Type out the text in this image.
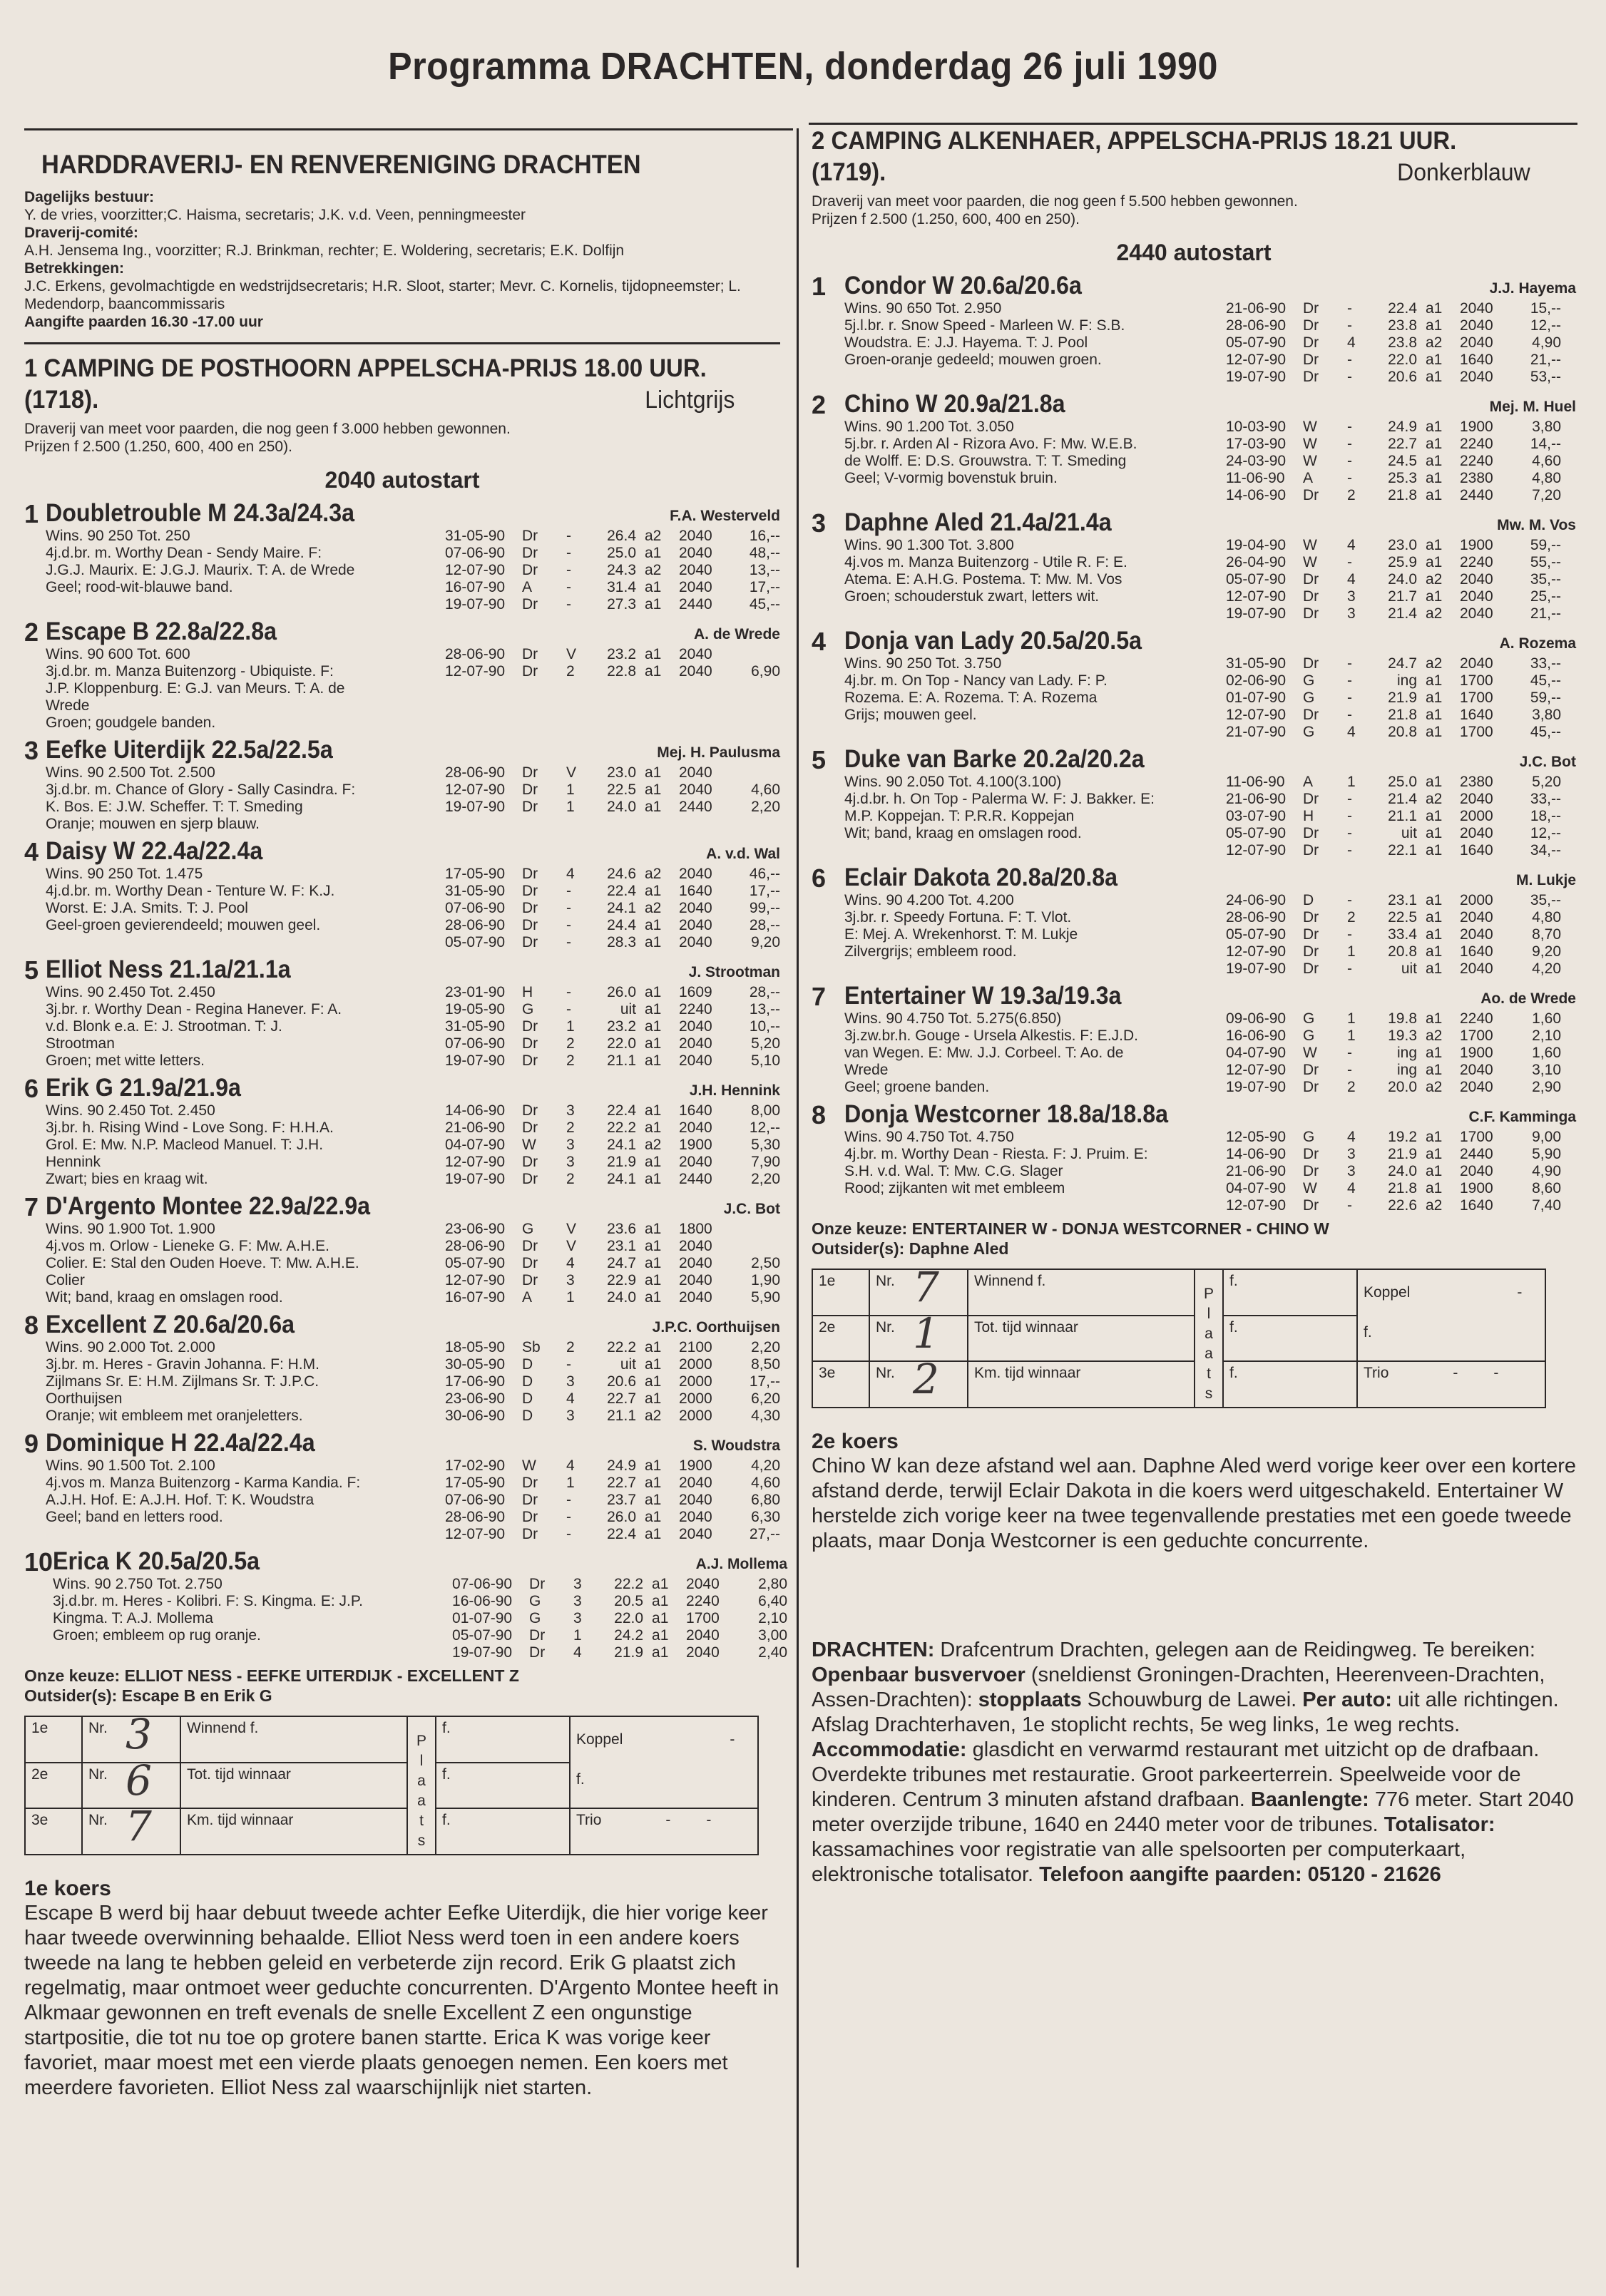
Programma DRACHTEN, donderdag 26 juli 1990
HARDDRAVERIJ- EN RENVERENIGING DRACHTEN
Dagelijks bestuur:
Y. de vries, voorzitter;C. Haisma, secretaris; J.K. v.d. Veen, penningmeester
Draverij-comité:
A.H. Jensema Ing., voorzitter; R.J. Brinkman, rechter; E. Woldering, secretaris; E.K. Dolfijn
Betrekkingen:
J.C. Erkens, gevolmachtigde en wedstrijdsecretaris; H.R. Sloot, starter; Mevr. C. Kornelis, tijdopneemster; L. Medendorp, baancommissaris
Aangifte paarden 16.30 -17.00 uur
1 CAMPING DE POSTHOORN APPELSCHA-PRIJS 18.00 UUR. (1718).	Lichtgrijs
Draverij van meet voor paarden, die nog geen f 3.000 hebben gewonnen.
Prijzen f 2.500 (1.250, 600, 400 en 250).
2040 autostart
1 Doubletrouble M 24.3a/24.3a	F.A. Westerveld
Wins. 90 250 Tot. 250
4j.d.br. m. Worthy Dean - Sendy Maire. F:
J.G.J. Maurix. E: J.G.J. Maurix. T: A. de Wrede
Geel; rood-wit-blauwe band.
31-05-90	Dr	-	26.4 a2	2040	16,--
07-06-90	Dr	-	25.0 a1	2040	48,--
12-07-90	Dr	-	24.3 a2	2040	13,--
16-07-90	A	-	31.4 a1	2040	17,--
19-07-90	Dr	-	27.3 a1	2440	45,--
2 Escape B 22.8a/22.8a	A. de Wrede
Wins. 90 600 Tot. 600
3j.d.br. m. Manza Buitenzorg - Ubiquiste. F:
J.P. Kloppenburg. E: G.J. van Meurs. T: A. de
Wrede
Groen; goudgele banden.
28-06-90	Dr	V	23.2 a1	2040
12-07-90	Dr	2	22.8 a1	2040	6,90
3 Eefke Uiterdijk 22.5a/22.5a	Mej. H. Paulusma
Wins. 90 2.500 Tot. 2.500
3j.d.br. m. Chance of Glory - Sally Casindra. F:
K. Bos. E: J.W. Scheffer. T: T. Smeding
Oranje; mouwen en sjerp blauw.
28-06-90	Dr	V	23.0 a1	2040
12-07-90	Dr	1	22.5 a1	2040	4,60
19-07-90	Dr	1	24.0 a1	2440	2,20
4 Daisy W 22.4a/22.4a	A. v.d. Wal
Wins. 90 250 Tot. 1.475
4j.d.br. m. Worthy Dean - Tenture W. F: K.J.
Worst. E: J.A. Smits. T: J. Pool
Geel-groen gevierendeeld; mouwen geel.
17-05-90	Dr	4	24.6 a2	2040	46,--
31-05-90	Dr	-	22.4 a1	1640	17,--
07-06-90	Dr	-	24.1 a2	2040	99,--
28-06-90	Dr	-	24.4 a1	2040	28,--
05-07-90	Dr	-	28.3 a1	2040	9,20
5 Elliot Ness 21.1a/21.1a	J. Strootman
Wins. 90 2.450 Tot. 2.450
3j.br. r. Worthy Dean - Regina Hanever. F: A.
v.d. Blonk e.a. E: J. Strootman. T: J.
Strootman
Groen; met witte letters.
23-01-90	H	-	26.0 a1	1609	28,--
19-05-90	G	-	uit a1	2240	13,--
31-05-90	Dr	1	23.2 a1	2040	10,--
07-06-90	Dr	2	22.0 a1	2040	5,20
19-07-90	Dr	2	21.1 a1	2040	5,10
6 Erik G 21.9a/21.9a	J.H. Hennink
Wins. 90 2.450 Tot. 2.450
3j.br. h. Rising Wind - Love Song. F: H.H.A.
Grol. E: Mw. N.P. Macleod Manuel. T: J.H.
Hennink
Zwart; bies en kraag wit.
14-06-90	Dr	3	22.4 a1	1640	8,00
21-06-90	Dr	2	22.2 a1	2040	12,--
04-07-90	W	3	24.1 a2	1900	5,30
12-07-90	Dr	3	21.9 a1	2040	7,90
19-07-90	Dr	2	24.1 a1	2440	2,20
7 D'Argento Montee 22.9a/22.9a	J.C. Bot
Wins. 90 1.900 Tot. 1.900
4j.vos m. Orlow - Lieneke G. F: Mw. A.H.E.
Colier. E: Stal den Ouden Hoeve. T: Mw. A.H.E.
Colier
Wit; band, kraag en omslagen rood.
23-06-90	G	V	23.6 a1	1800
28-06-90	Dr	V	23.1 a1	2040
05-07-90	Dr	4	24.7 a1	2040	2,50
12-07-90	Dr	3	22.9 a1	2040	1,90
16-07-90	A	1	24.0 a1	2040	5,90
8 Excellent Z 20.6a/20.6a	J.P.C. Oorthuijsen
Wins. 90 2.000 Tot. 2.000
3j.br. m. Heres - Gravin Johanna. F: H.M.
Zijlmans Sr. E: H.M. Zijlmans Sr. T: J.P.C.
Oorthuijsen
Oranje; wit embleem met oranjeletters.
18-05-90	Sb	2	22.2 a1	2100	2,20
30-05-90	D	-	uit a1	2000	8,50
17-06-90	D	3	20.6 a1	2000	17,--
23-06-90	D	4	22.7 a1	2000	6,20
30-06-90	D	3	21.1 a2	2000	4,30
9 Dominique H 22.4a/22.4a	S. Woudstra
Wins. 90 1.500 Tot. 2.100
4j.vos m. Manza Buitenzorg - Karma Kandia. F:
A.J.H. Hof. E: A.J.H. Hof. T: K. Woudstra
Geel; band en letters rood.
17-02-90	W	4	24.9 a1	1900	4,20
17-05-90	Dr	1	22.7 a1	2040	4,60
07-06-90	Dr	-	23.7 a1	2040	6,80
28-06-90	Dr	-	26.0 a1	2040	6,30
12-07-90	Dr	-	22.4 a1	2040	27,--
10 Erica K 20.5a/20.5a	A.J. Mollema
Wins. 90 2.750 Tot. 2.750
3j.d.br. m. Heres - Kolibri. F: S. Kingma. E: J.P.
Kingma. T: A.J. Mollema
Groen; embleem op rug oranje.
07-06-90	Dr	3	22.2 a1	2040	2,80
16-06-90	G	3	20.5 a1	2240	6,40
01-07-90	G	3	22.0 a1	1700	2,10
05-07-90	Dr	1	24.2 a1	2040	3,00
19-07-90	Dr	4	21.9 a1	2040	2,40
Onze keuze: ELLIOT NESS - EEFKE UITERDIJK - EXCELLENT Z
Outsider(s): Escape B en Erik G
1e	Nr. 3	Winnend f.	P l a a t s	f.	Koppel -
f.
2e	Nr. 6	Tot. tijd winnaar		f.	
3e	Nr. 7	Km. tijd winnaar		f.	Trio - -
1e koers
Escape B werd bij haar debuut tweede achter Eefke Uiterdijk, die hier vorige keer haar tweede overwinning behaalde. Elliot Ness werd toen in een andere koers tweede na lang te hebben geleid en verbeterde zijn record. Erik G plaatst zich regelmatig, maar ontmoet weer geduchte concurrenten. D'Argento Montee heeft in Alkmaar gewonnen en treft evenals de snelle Excellent Z een ongunstige startpositie, die tot nu toe op grotere banen startte. Erica K was vorige keer favoriet, maar moest met een vierde plaats genoegen nemen. Een koers met meerdere favorieten. Elliot Ness zal waarschijnlijk niet starten.
2 CAMPING ALKENHAER, APPELSCHA-PRIJS 18.21 UUR. (1719).	Donkerblauw
Draverij van meet voor paarden, die nog geen f 5.500 hebben gewonnen.
Prijzen f 2.500 (1.250, 600, 400 en 250).
2440 autostart
1 Condor W 20.6a/20.6a	J.J. Hayema
Wins. 90 650 Tot. 2.950
5j.l.br. r. Snow Speed - Marleen W. F: S.B.
Woudstra. E: J.J. Hayema. T: J. Pool
Groen-oranje gedeeld; mouwen groen.
21-06-90	Dr	-	22.4 a1	2040	15,--
28-06-90	Dr	-	23.8 a1	2040	12,--
05-07-90	Dr	4	23.8 a2	2040	4,90
12-07-90	Dr	-	22.0 a1	1640	21,--
19-07-90	Dr	-	20.6 a1	2040	53,--
2 Chino W 20.9a/21.8a	Mej. M. Huel
Wins. 90 1.200 Tot. 3.050
5j.br. r. Arden Al - Rizora Avo. F: Mw. W.E.B.
de Wolff. E: D.S. Grouwstra. T: T. Smeding
Geel; V-vormig bovenstuk bruin.
10-03-90	W	-	24.9 a1	1900	3,80
17-03-90	W	-	22.7 a1	2240	14,--
24-03-90	W	-	24.5 a1	2240	4,60
11-06-90	A	-	25.3 a1	2380	4,80
14-06-90	Dr	2	21.8 a1	2440	7,20
3 Daphne Aled 21.4a/21.4a	Mw. M. Vos
Wins. 90 1.300 Tot. 3.800
4j.vos m. Manza Buitenzorg - Utile R. F: E.
Atema. E: A.H.G. Postema. T: Mw. M. Vos
Groen; schouderstuk zwart, letters wit.
19-04-90	W	4	23.0 a1	1900	59,--
26-04-90	W	-	25.9 a1	2240	55,--
05-07-90	Dr	4	24.0 a2	2040	35,--
12-07-90	Dr	3	21.7 a1	2040	25,--
19-07-90	Dr	3	21.4 a2	2040	21,--
4 Donja van Lady 20.5a/20.5a	A. Rozema
Wins. 90 250 Tot. 3.750
4j.br. m. On Top - Nancy van Lady. F: P.
Rozema. E: A. Rozema. T: A. Rozema
Grijs; mouwen geel.
31-05-90	Dr	-	24.7 a2	2040	33,--
02-06-90	G	-	ing a1	1700	45,--
01-07-90	G	-	21.9 a1	1700	59,--
12-07-90	Dr	-	21.8 a1	1640	3,80
21-07-90	G	4	20.8 a1	1700	45,--
5 Duke van Barke 20.2a/20.2a	J.C. Bot
Wins. 90 2.050 Tot. 4.100(3.100)
4j.d.br. h. On Top - Palerma W. F: J. Bakker. E:
M.P. Koppejan. T: P.R.R. Koppejan
Wit; band, kraag en omslagen rood.
11-06-90	A	1	25.0 a1	2380	5,20
21-06-90	Dr	-	21.4 a2	2040	33,--
03-07-90	H	-	21.1 a1	2000	18,--
05-07-90	Dr	-	uit a1	2040	12,--
12-07-90	Dr	-	22.1 a1	1640	34,--
6 Eclair Dakota 20.8a/20.8a	M. Lukje
Wins. 90 4.200 Tot. 4.200
3j.br. r. Speedy Fortuna. F: T. Vlot.
E: Mej. A. Wrekenhorst. T: M. Lukje
Zilvergrijs; embleem rood.
24-06-90	D	-	23.1 a1	2000	35,--
28-06-90	Dr	2	22.5 a1	2040	4,80
05-07-90	Dr	-	33.4 a1	2040	8,70
12-07-90	Dr	1	20.8 a1	1640	9,20
19-07-90	Dr	-	uit a1	2040	4,20
7 Entertainer W 19.3a/19.3a	Ao. de Wrede
Wins. 90 4.750 Tot. 5.275(6.850)
3j.zw.br.h. Gouge - Ursela Alkestis. F: E.J.D.
van Wegen. E: Mw. J.J. Corbeel. T: Ao. de
Wrede
Geel; groene banden.
09-06-90	G	1	19.8 a1	2240	1,60
16-06-90	G	1	19.3 a2	1700	2,10
04-07-90	W	-	ing a1	1900	1,60
12-07-90	Dr	-	ing a1	2040	3,10
19-07-90	Dr	2	20.0 a2	2040	2,90
8 Donja Westcorner 18.8a/18.8a	C.F. Kamminga
Wins. 90 4.750 Tot. 4.750
4j.br. m. Worthy Dean - Riesta. F: J. Pruim. E:
S.H. v.d. Wal. T: Mw. C.G. Slager
Rood; zijkanten wit met embleem
12-05-90	G	4	19.2 a1	1700	9,00
14-06-90	Dr	3	21.9 a1	2440	5,90
21-06-90	Dr	3	24.0 a1	2040	4,90
04-07-90	W	4	21.8 a1	1900	8,60
12-07-90	Dr	-	22.6 a2	1640	7,40
Onze keuze: ENTERTAINER W - DONJA WESTCORNER - CHINO W
Outsider(s): Daphne Aled
1e	Nr. 7	Winnend f.	P l a a t s	f.	Koppel -
f.
2e	Nr. 1	Tot. tijd winnaar		f.	
3e	Nr. 2	Km. tijd winnaar		f.	Trio - -
2e koers
Chino W kan deze afstand wel aan. Daphne Aled werd vorige keer over een kortere afstand derde, terwijl Eclair Dakota in die koers werd uitgeschakeld. Entertainer W herstelde zich vorige keer na twee tegenvallende prestaties met een goede tweede plaats, maar Donja Westcorner is een geduchte concurrente.
DRACHTEN: Drafcentrum Drachten, gelegen aan de Reidingweg. Te bereiken: Openbaar busvervoer (sneldienst Groningen-Drachten, Heerenveen-Drachten, Assen-Drachten): stopplaats Schouwburg de Lawei. Per auto: uit alle richtingen. Afslag Drachterhaven, 1e stoplicht rechts, 5e weg links, 1e weg rechts. Accommodatie: glasdicht en verwarmd restaurant met uitzicht op de drafbaan. Overdekte tribunes met restauratie. Groot parkeerterrein. Speelweide voor de kinderen. Centrum 3 minuten afstand drafbaan. Baanlengte: 776 meter. Start 2040 meter overzijde tribune, 1640 en 2440 meter voor de tribunes. Totalisator: kassamachines voor registratie van alle spelsoorten per computerkaart, elektronische totalisator. Telefoon aangifte paarden: 05120 - 21626
